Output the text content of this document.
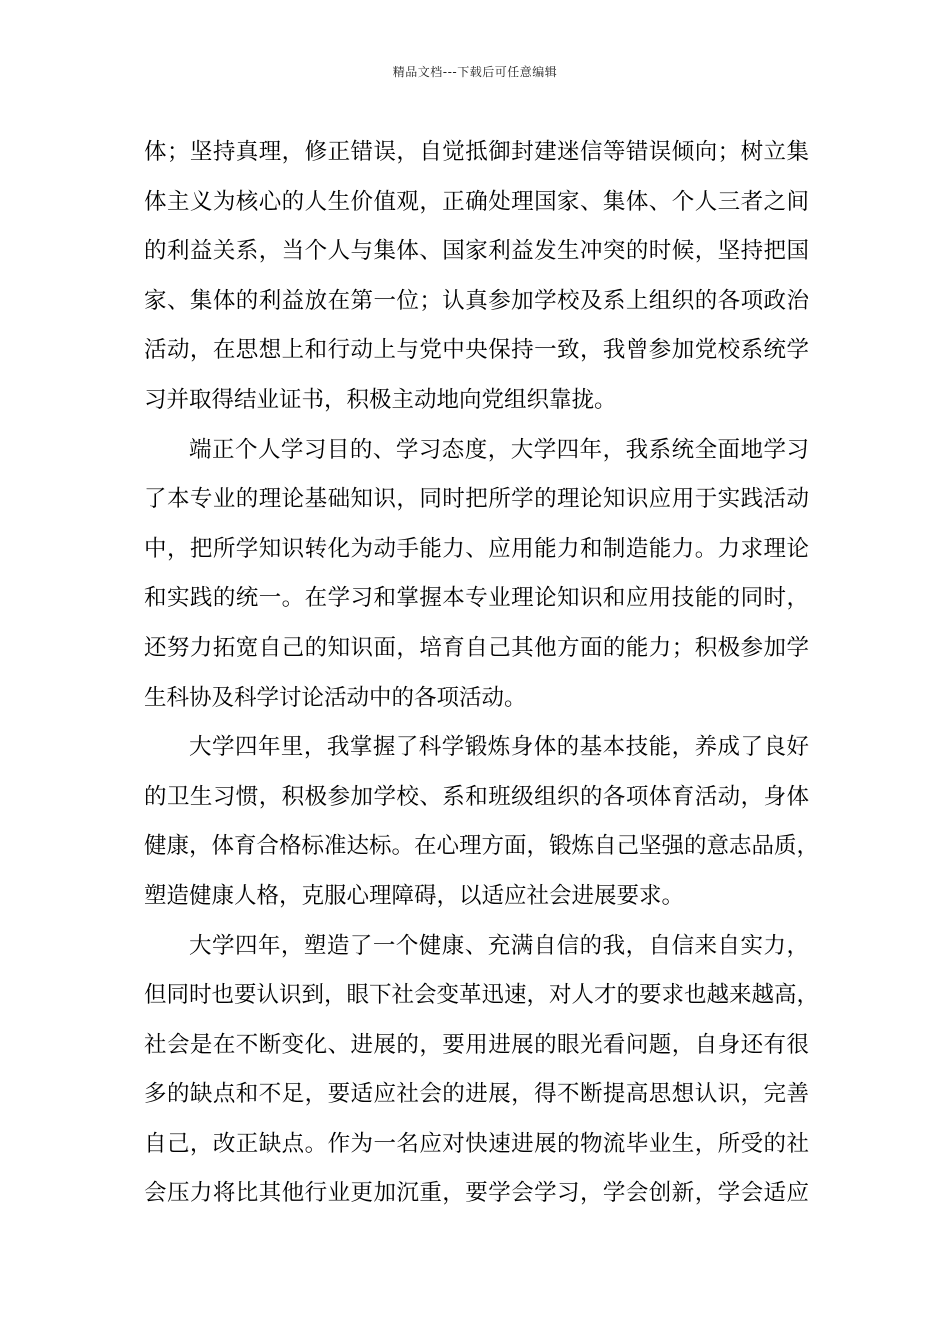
精品文档---下载后可任意编辑
体；坚持真理，修正错误，自觉抵御封建迷信等错误倾向；树立集
体主义为核心的人生价值观，正确处理国家、集体、个人三者之间
的利益关系，当个人与集体、国家利益发生冲突的时候，坚持把国
家、集体的利益放在第一位；认真参加学校及系上组织的各项政治
活动，在思想上和行动上与党中央保持一致，我曾参加党校系统学
习并取得结业证书，积极主动地向党组织靠拢。
端正个人学习目的、学习态度，大学四年，我系统全面地学习
了本专业的理论基础知识，同时把所学的理论知识应用于实践活动
中，把所学知识转化为动手能力、应用能力和制造能力。力求理论
和实践的统一。在学习和掌握本专业理论知识和应用技能的同时，
还努力拓宽自己的知识面，培育自己其他方面的能力；积极参加学
生科协及科学讨论活动中的各项活动。
大学四年里，我掌握了科学锻炼身体的基本技能，养成了良好
的卫生习惯，积极参加学校、系和班级组织的各项体育活动，身体
健康，体育合格标准达标。在心理方面，锻炼自己坚强的意志品质，
塑造健康人格，克服心理障碍，以适应社会进展要求。
大学四年，塑造了一个健康、充满自信的我，自信来自实力，
但同时也要认识到，眼下社会变革迅速，对人才的要求也越来越高，
社会是在不断变化、进展的，要用进展的眼光看问题，自身还有很
多的缺点和不足，要适应社会的进展，得不断提高思想认识，完善
自己，改正缺点。作为一名应对快速进展的物流毕业生，所受的社
会压力将比其他行业更加沉重，要学会学习，学会创新，学会适应
